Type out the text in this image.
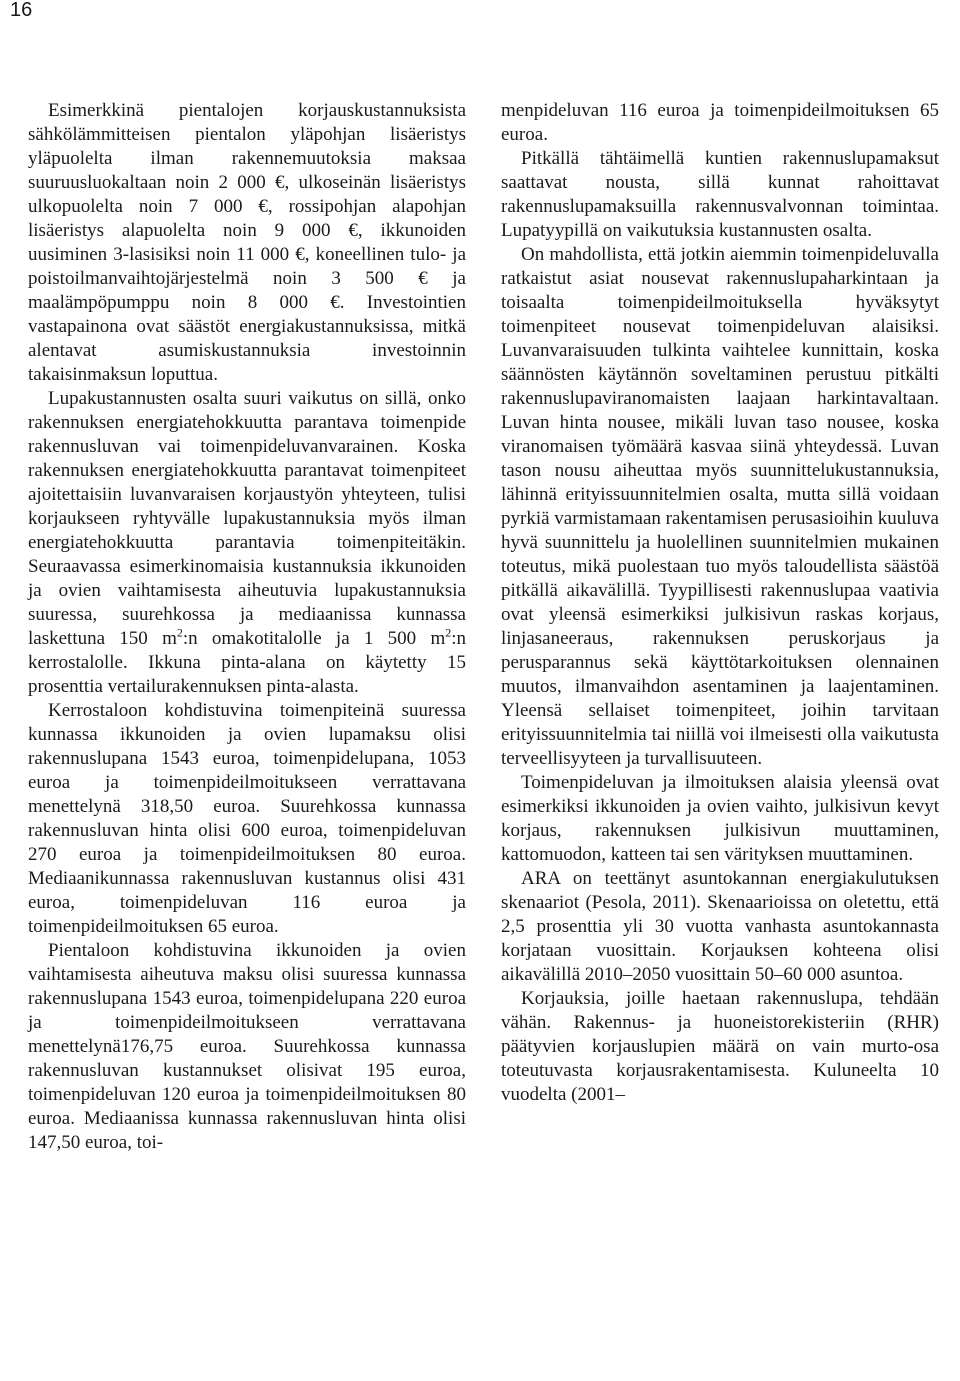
16

Esimerkkinä pientalojen korjauskustannuksista sähkölämmitteisen pientalon yläpohjan lisäeristys yläpuolelta ilman rakennemuutoksia maksaa suuruusluokaltaan noin 2 000 €, ulkoseinän lisäeristys ulkopuolelta noin 7 000 €, rossipohjan alapohjan lisäeristys alapuolelta noin 9 000 €, ikkunoiden uusiminen 3-lasisiksi noin 11 000 €, koneellinen tulo- ja poistoilmanvaihtojärjestelmä noin 3 500 € ja maalämpöpumppu noin 8 000 €. Investointien vastapainona ovat säästöt energiakustannuksissa, mitkä alentavat asumiskustannuksia investoinnin takaisinmaksun loputtua.

Lupakustannusten osalta suuri vaikutus on sillä, onko rakennuksen energiatehokkuutta parantava toimenpide rakennusluvan vai toimenpideluvanvarainen. Koska rakennuksen energiatehokkuutta parantavat toimenpiteet ajoitettaisiin luvanvaraisen korjaustyön yhteyteen, tulisi korjaukseen ryhtyvälle lupakustannuksia myös ilman energiatehokkuutta parantavia toimenpiteitäkin. Seuraavassa esimerkinomaisia kustannuksia ikkunoiden ja ovien vaihtamisesta aiheutuvia lupakustannuksia suuressa, suurehkossa ja mediaanissa kunnassa laskettuna 150 $m^2:n$ omakotitalolle ja 1 500 $m^2:n$ kerrostalolle. Ikkuna pinta-alana on käytetty 15 prosenttia vertailurakennuksen pinta-alasta.

Kerrostaloon kohdistuvina toimenpiteinä suuressa kunnassa ikkunoiden ja ovien lupamaksu olisi rakennuslupana 1543 euroa, toimenpidelupana, 1053 euroa ja toimenpideilmoitukseen verrattavana menettelynä 318,50 euroa. Suurehkossa kunnassa rakennusluvan hinta olisi 600 euroa, toimenpideluvan 270 euroa ja toimenpideilmoituksen 80 euroa. Mediaanikunnassa rakennusluvan kustannus olisi 431 euroa, toimenpideluvan 116 euroa ja toimenpideilmoituksen 65 euroa.

Pientaloon kohdistuvina ikkunoiden ja ovien vaihtamisesta aiheutuva maksu olisi suuressa kunnassa rakennuslupana 1543 euroa, toimenpidelupana 220 euroa ja toimenpideilmoitukseen verrattavana menettelynä176,75 euroa. Suurehkossa kunnassa rakennusluvan kustannukset olisivat 195 euroa, toimenpideluvan 120 euroa ja toimenpideilmoituksen 80 euroa. Mediaanissa kunnassa rakennusluvan hinta olisi 147,50 euroa, toi-

menpideluvan 116 euroa ja toimenpideilmoituksen 65 euroa.

Pitkällä tähtäimellä kuntien rakennuslupamaksut saattavat nousta, sillä kunnat rahoittavat rakennuslupamaksuilla rakennusvalvonnan toimintaa. Lupatyypillä on vaikutuksia kustannusten osalta.

On mahdollista, että jotkin aiemmin toimenpideluvalla ratkaistut asiat nousevat rakennuslupaharkintaan ja toisaalta toimenpideilmoituksella hyväksytyt toimenpiteet nousevat toimenpideluvan alaisiksi. Luvanvaraisuuden tulkinta vaihtelee kunnittain, koska säännösten käytännön soveltaminen perustuu pitkälti rakennuslupaviranomaisten laajaan harkintavaltaan. Luvan hinta nousee, mikäli luvan taso nousee, koska viranomaisen työmäärä kasvaa siinä yhteydessä. Luvan tason nousu aiheuttaa myös suunnittelukustannuksia, lähinnä erityissuunnitelmien osalta, mutta sillä voidaan pyrkiä varmistamaan rakentamisen perusasioihin kuuluva hyvä suunnittelu ja huolellinen suunnitelmien mukainen toteutus, mikä puolestaan tuo myös taloudellista säästöä pitkällä aikavälillä. Tyypillisesti rakennuslupaa vaativia ovat yleensä esimerkiksi julkisivun raskas korjaus, linjasaneeraus, rakennuksen peruskorjaus ja perusparannus sekä käyttötarkoituksen olennainen muutos, ilmanvaihdon asentaminen ja laajentaminen. Yleensä sellaiset toimenpiteet, joihin tarvitaan erityissuunnitelmia tai niillä voi ilmeisesti olla vaikutusta terveellisyyteen ja turvallisuuteen.

Toimenpideluvan ja ilmoituksen alaisia yleensä ovat esimerkiksi ikkunoiden ja ovien vaihto, julkisivun kevyt korjaus, rakennuksen julkisivun muuttaminen, kattomuodon, katteen tai sen värityksen muuttaminen.

ARA on teettänyt asuntokannan energiakulutuksen skenaariot (Pesola, 2011). Skenaarioissa on oletettu, että 2,5 prosenttia yli 30 vuotta vanhasta asuntokannasta korjataan vuosittain. Korjauksen kohteena olisi aikavälillä 2010–2050 vuosittain 50–60 000 asuntoa.

Korjauksia, joille haetaan rakennuslupa, tehdään vähän. Rakennus- ja huoneistorekisteriin (RHR) päätyvien korjauslupien määrä on vain murto-osa toteutuvasta korjausrakentamisesta. Kuluneelta 10 vuodelta (2001–
